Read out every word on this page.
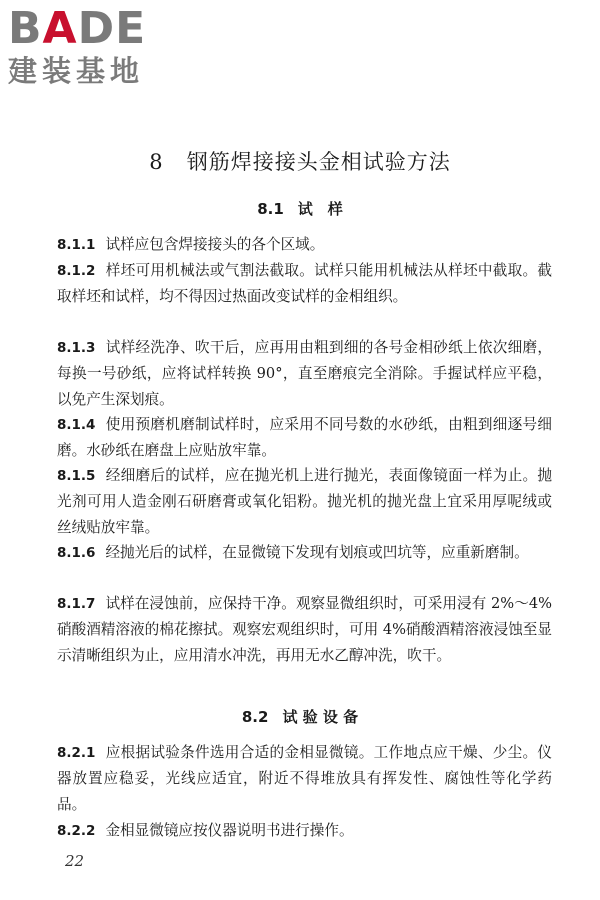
BADE
建装基地
8 钢筋焊接接头金相试验方法
8.1 试　样
8.1.1 试样应包含焊接接头的各个区域。
8.1.2 样坯可用机械法或气割法截取。试样只能用机械法从样坯中截取。截取样坯和试样，均不得因过热面改变试样的金相组织。
8.1.3 试样经洗净、吹干后，应再用由粗到细的各号金相砂纸上依次细磨，每换一号砂纸，应将试样转换 90°，直至磨痕完全消除。手握试样应平稳，以免产生深划痕。
8.1.4 使用预磨机磨制试样时，应采用不同号数的水砂纸，由粗到细逐号细磨。水砂纸在磨盘上应贴放牢靠。
8.1.5 经细磨后的试样，应在抛光机上进行抛光，表面像镜面一样为止。抛光剂可用人造金刚石研磨膏或氧化铝粉。抛光机的抛光盘上宜采用厚呢绒或丝绒贴放牢靠。
8.1.6 经抛光后的试样，在显微镜下发现有划痕或凹坑等，应重新磨制。
8.1.7 试样在浸蚀前，应保持干净。观察显微组织时，可采用浸有 2%～4%硝酸酒精溶液的棉花擦拭。观察宏观组织时，可用 4%硝酸酒精溶液浸蚀至显示清晰组织为止，应用清水冲洗，再用无水乙醇冲洗，吹干。
8.2 试 验 设 备
8.2.1 应根据试验条件选用合适的金相显微镜。工作地点应干燥、少尘。仪器放置应稳妥，光线应适宜，附近不得堆放具有挥发性、腐蚀性等化学药品。
8.2.2 金相显微镜应按仪器说明书进行操作。
22
